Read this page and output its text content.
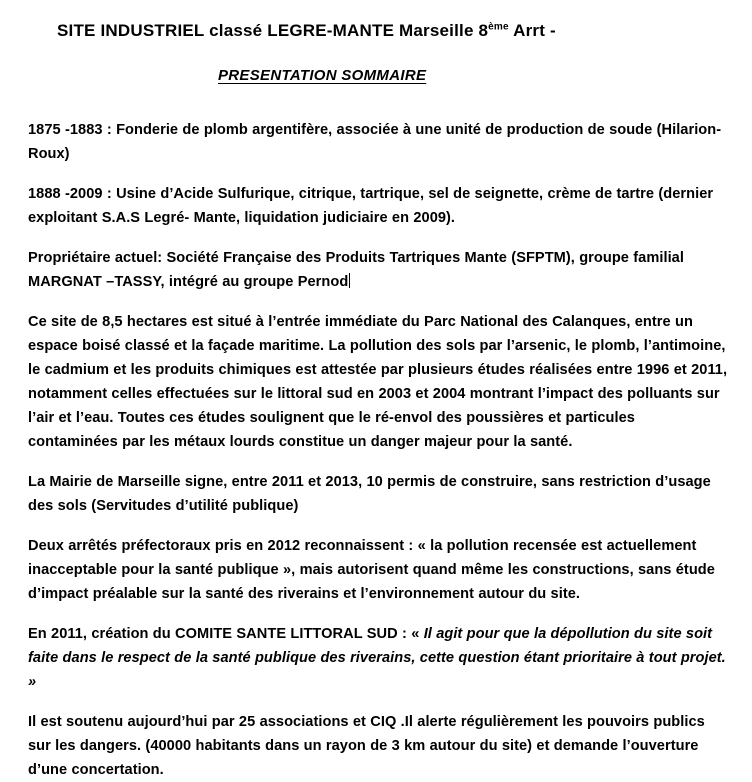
SITE INDUSTRIEL classé LEGRE-MANTE Marseille 8ème Arrt -
PRESENTATION SOMMAIRE

1875 -1883 : Fonderie de plomb argentifère, associée à une unité de production de soude (Hilarion-Roux)

1888 -2009 : Usine d’Acide Sulfurique, citrique, tartrique, sel de seignette, crème de tartre (dernier exploitant S.A.S Legré- Mante, liquidation judiciaire en 2009).

Propriétaire actuel: Société Française des Produits Tartriques Mante (SFPTM), groupe familial MARGNAT –TASSY, intégré au groupe Pernod

Ce site de 8,5 hectares est situé à l’entrée immédiate du Parc National des Calanques, entre un espace boisé classé et la façade maritime. La pollution des sols par l’arsenic, le plomb, l’antimoine, le cadmium et les produits chimiques est attestée par plusieurs études réalisées entre 1996 et 2011, notamment celles effectuées sur le littoral sud en 2003 et 2004 montrant l’impact des polluants sur l’air et l’eau. Toutes ces études soulignent que le ré-envol des poussières et particules contaminées par les métaux lourds constitue un danger majeur pour la santé.

La Mairie de Marseille signe, entre 2011 et 2013, 10 permis de construire, sans restriction d’usage des sols (Servitudes d’utilité publique)

Deux arrêtés préfectoraux pris en 2012 reconnaissent : « la pollution recensée est actuellement inacceptable pour la santé publique », mais autorisent quand même les constructions, sans étude d’impact préalable sur la santé des riverains et l’environnement autour du site.

En 2011, création du COMITE SANTE LITTORAL SUD : « Il agit pour que la dépollution du site soit faite dans le respect de la santé publique des riverains, cette question étant prioritaire à tout projet. »

Il est soutenu aujourd’hui par 25 associations et CIQ .Il alerte régulièrement les pouvoirs publics sur les dangers. (40000 habitants dans un rayon de 3 km autour du site) et demande l’ouverture d’une concertation.
